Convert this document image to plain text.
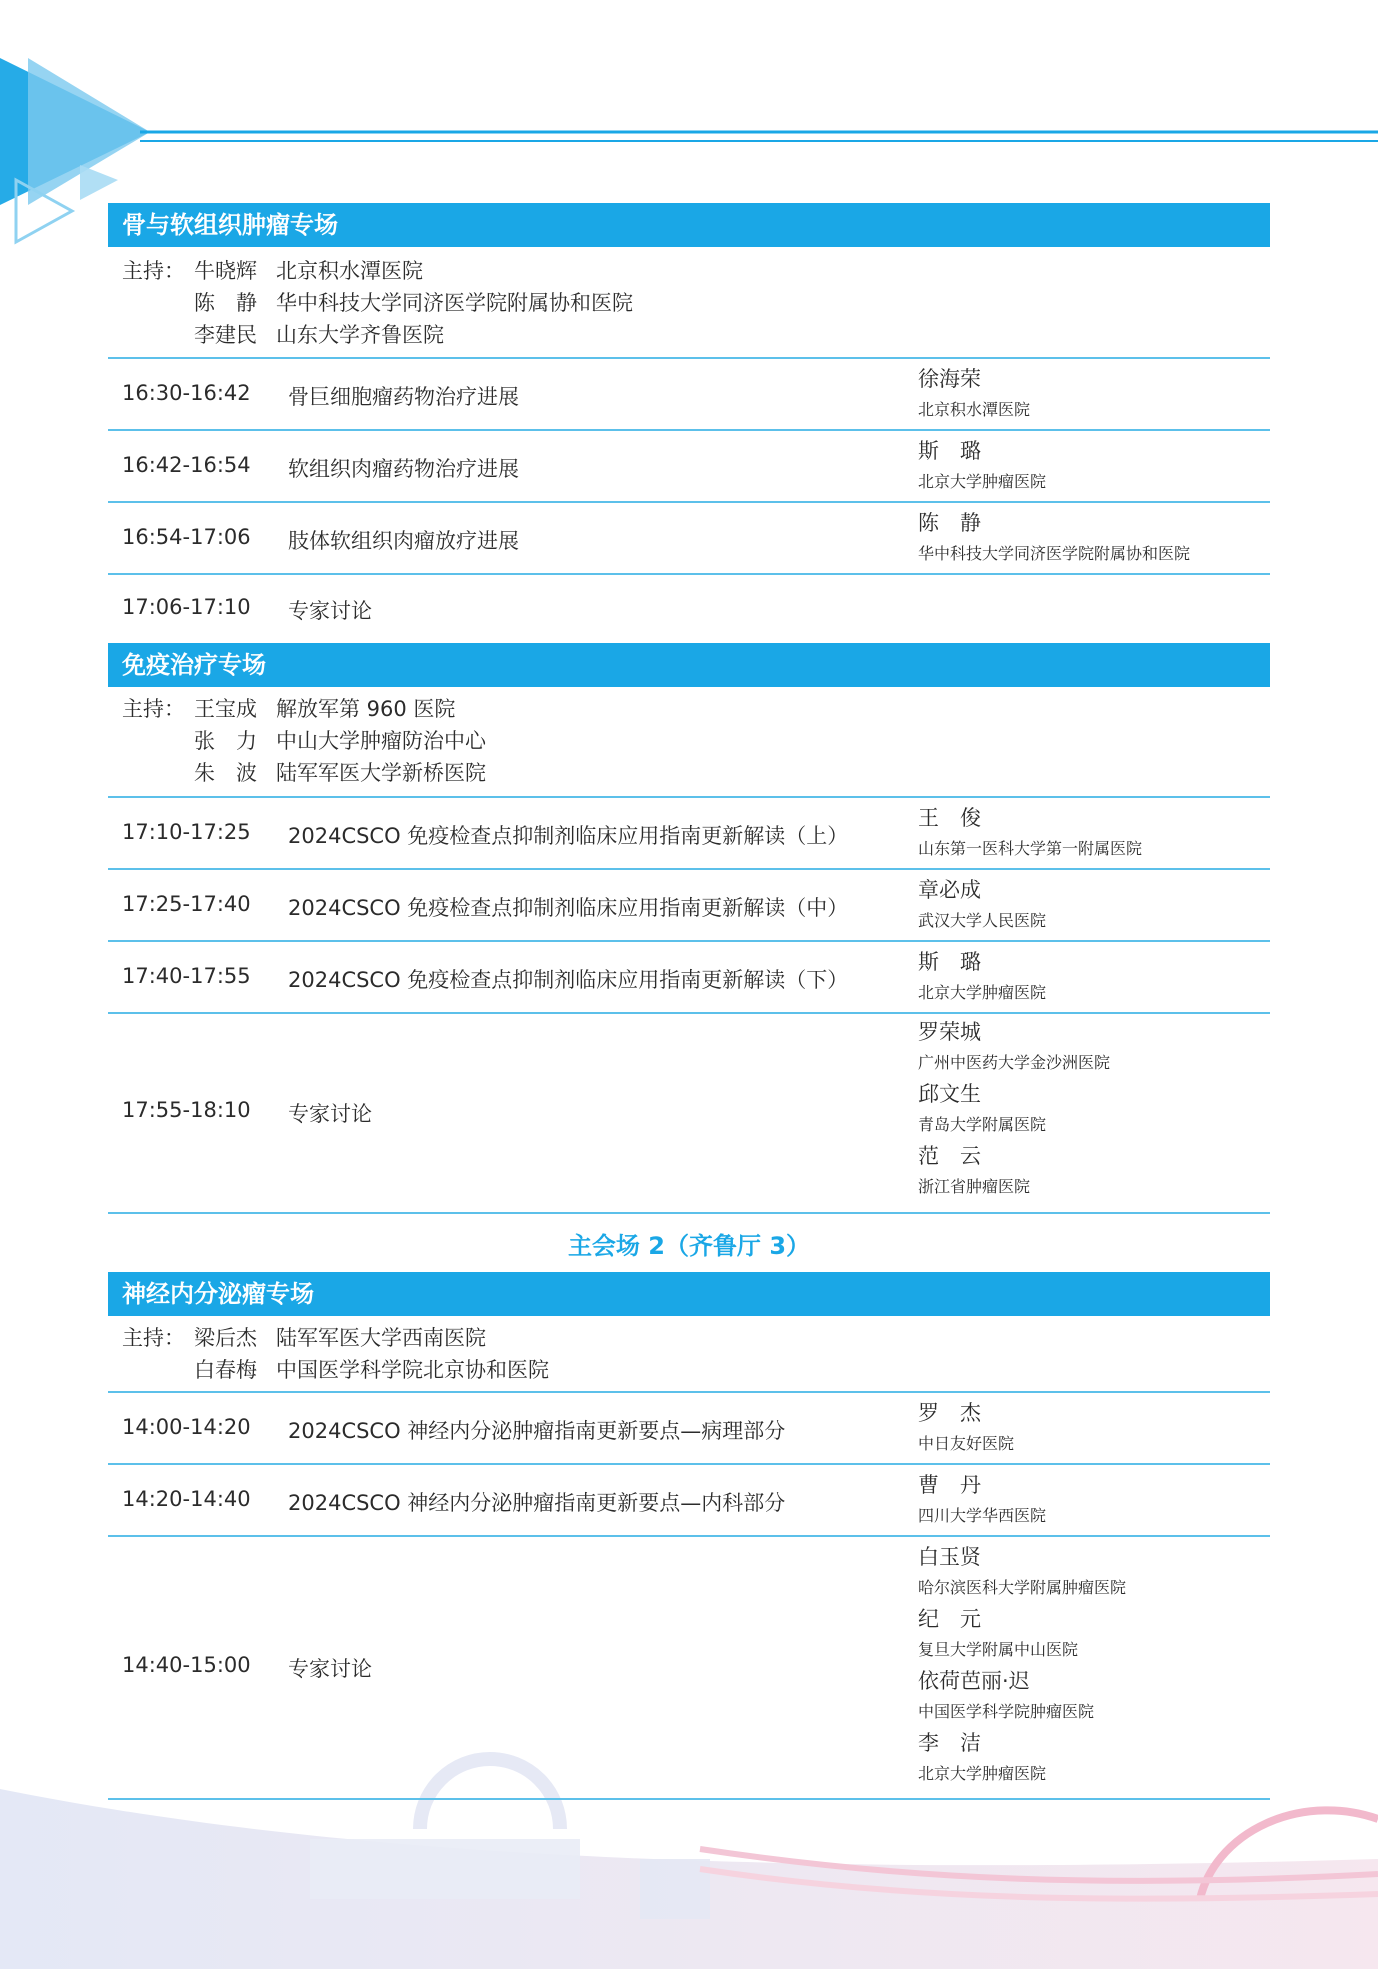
骨与软组织肿瘤专场
主持： 牛晓辉 北京积水潭医院
陈　静 华中科技大学同济医学院附属协和医院
李建民 山东大学齐鲁医院
16:30-16:42 骨巨细胞瘤药物治疗进展
徐海荣
北京积水潭医院
16:42-16:54 软组织肉瘤药物治疗进展
斯　璐
北京大学肿瘤医院
16:54-17:06 肢体软组织肉瘤放疗进展
陈　静
华中科技大学同济医学院附属协和医院
17:06-17:10 专家讨论
免疫治疗专场
主持： 王宝成 解放军第 960 医院
张　力 中山大学肿瘤防治中心
朱　波 陆军军医大学新桥医院
17:10-17:25 2024CSCO 免疫检查点抑制剂临床应用指南更新解读（上）
王　俊
山东第一医科大学第一附属医院
17:25-17:40 2024CSCO 免疫检查点抑制剂临床应用指南更新解读（中）
章必成
武汉大学人民医院
17:40-17:55 2024CSCO 免疫检查点抑制剂临床应用指南更新解读（下）
斯　璐
北京大学肿瘤医院
17:55-18:10 专家讨论
罗荣城
广州中医药大学金沙洲医院
邱文生
青岛大学附属医院
范　云
浙江省肿瘤医院
主会场 2（齐鲁厅 3）
神经内分泌瘤专场
主持： 梁后杰 陆军军医大学西南医院
白春梅 中国医学科学院北京协和医院
14:00-14:20 2024CSCO 神经内分泌肿瘤指南更新要点—病理部分
罗　杰
中日友好医院
14:20-14:40 2024CSCO 神经内分泌肿瘤指南更新要点—内科部分
曹　丹
四川大学华西医院
14:40-15:00 专家讨论
白玉贤
哈尔滨医科大学附属肿瘤医院
纪　元
复旦大学附属中山医院
依荷芭丽·迟
中国医学科学院肿瘤医院
李　洁
北京大学肿瘤医院
